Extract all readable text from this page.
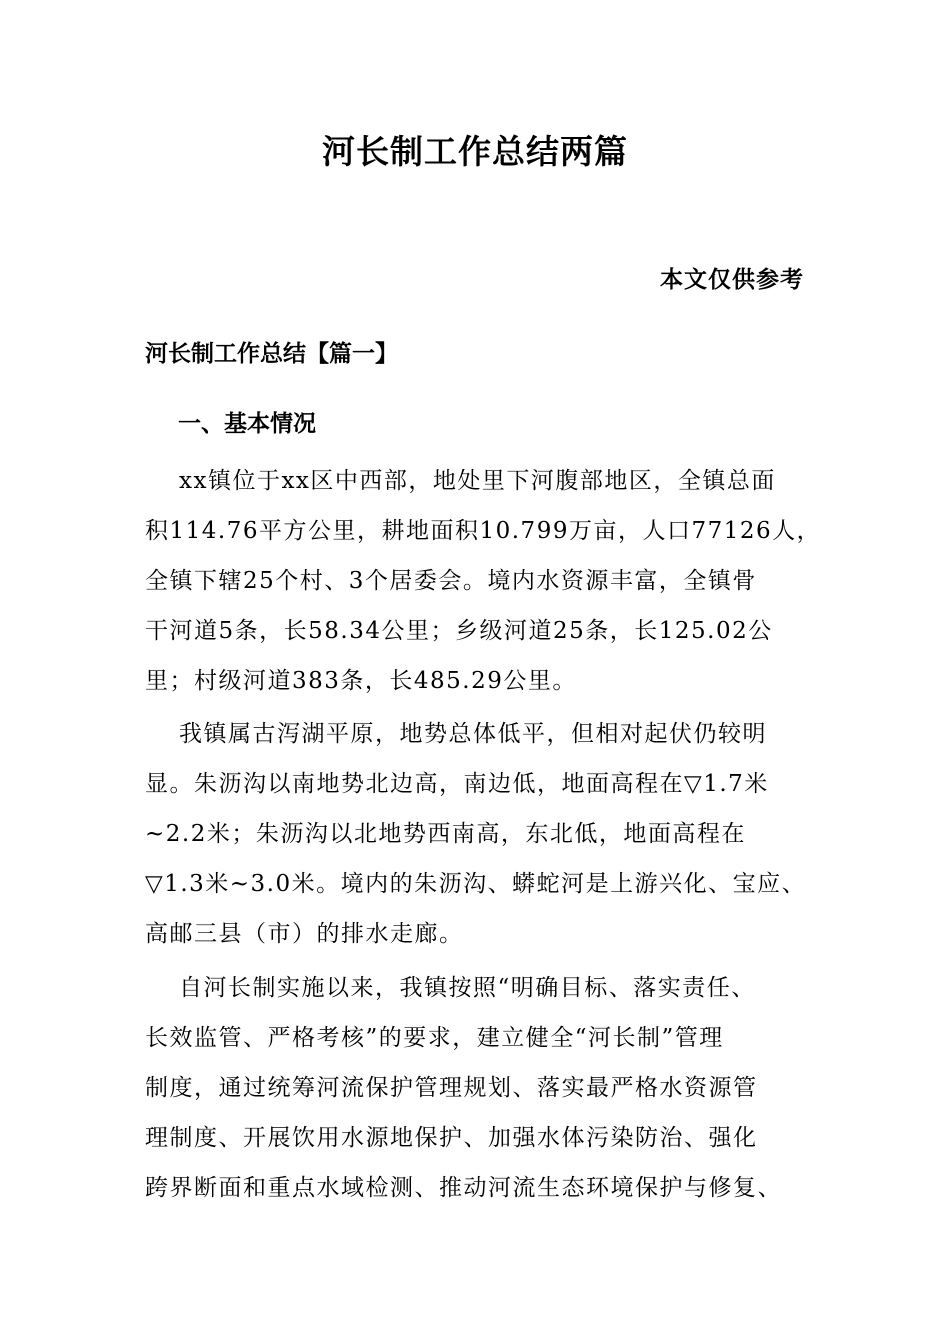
河长制工作总结两篇
本文仅供参考
河长制工作总结【篇一】
一、基本情况
xx镇位于xx区中西部，地处里下河腹部地区，全镇总面
积114.76平方公里，耕地面积10.799万亩，人口77126人，
全镇下辖25个村、3个居委会。境内水资源丰富，全镇骨
干河道5条，长58.34公里；乡级河道25条，长125.02公
里；村级河道383条，长485.29公里。
我镇属古泻湖平原，地势总体低平，但相对起伏仍较明
显。朱沥沟以南地势北边高，南边低，地面高程在▽1.7米
~2.2米；朱沥沟以北地势西南高，东北低，地面高程在
▽1.3米~3.0米。境内的朱沥沟、蟒蛇河是上游兴化、宝应、
高邮三县（市）的排水走廊。
自河长制实施以来，我镇按照“明确目标、落实责任、
长效监管、严格考核”的要求，建立健全“河长制”管理
制度，通过统筹河流保护管理规划、落实最严格水资源管
理制度、开展饮用水源地保护、加强水体污染防治、强化
跨界断面和重点水域检测、推动河流生态环境保护与修复、
